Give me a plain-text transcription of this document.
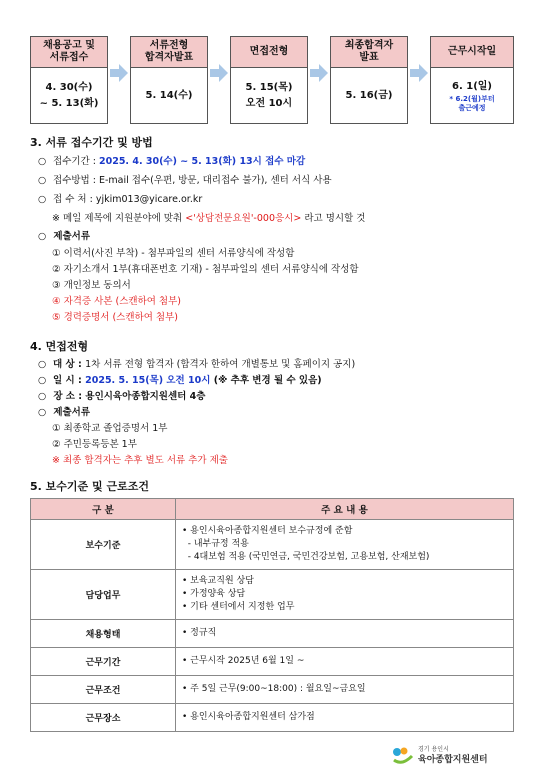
채용공고 및
서류접수
4. 30(수)
~ 5. 13(화)
서류전형
합격자발표
5. 14(수)
면접전형
5. 15(목)
오전 10시
최종합격자
발표
5. 16(금)
근무시작일
6. 1(일)
* 6.2(월)부터
출근예정
3. 서류 접수기간 및 방법
○ 접수기간 : 2025. 4. 30(수) ~ 5. 13(화) 13시 접수 마감
○ 접수방법 : E-mail 접수(우편, 방문, 대리접수 불가), 센터 서식 사용
○ 접 수 처 : yjkim013@yicare.or.kr
※ 메일 제목에 지원분야에 맞춰 <'상담전문요원'-000응시> 라고 명시할 것
○ 제출서류
① 이력서(사진 부착) - 첨부파일의 센터 서류양식에 작성함
② 자기소개서 1부(휴대폰번호 기재) - 첨부파일의 센터 서류양식에 작성함
③ 개인정보 동의서
④ 자격증 사본 (스캔하여 첨부)
⑤ 경력증명서 (스캔하여 첨부)
4. 면접전형
○ 대 상 : 1차 서류 전형 합격자 (합격자 한하여 개별통보 및 홈페이지 공지)
○ 일 시 : 2025. 5. 15(목) 오전 10시 (※ 추후 변경 될 수 있음)
○ 장 소 : 용인시육아종합지원센터 4층
○ 제출서류
① 최종학교 졸업증명서 1부
② 주민등록등본 1부
※ 최종 합격자는 추후 별도 서류 추가 제출
5. 보수기준 및 근로조건
구 분	주 요 내 용
보수기준	• 용인시육아종합지원센터 보수규정에 준함
- 내부규정 적용
- 4대보험 적용 (국민연금, 국민건강보험, 고용보험, 산재보험)

담당업무	• 보육교직원 상담
• 가정양육 상담
• 기타 센터에서 지정한 업무

채용형태	• 정규직

근무기간	• 근무시작 2025년 6월 1일 ~

근무조건	• 주 5일 근무(9:00~18:00) : 월요일~금요일

근무장소	• 용인시육아종합지원센터 삼가점
경기 용인시
육아종합지원센터
